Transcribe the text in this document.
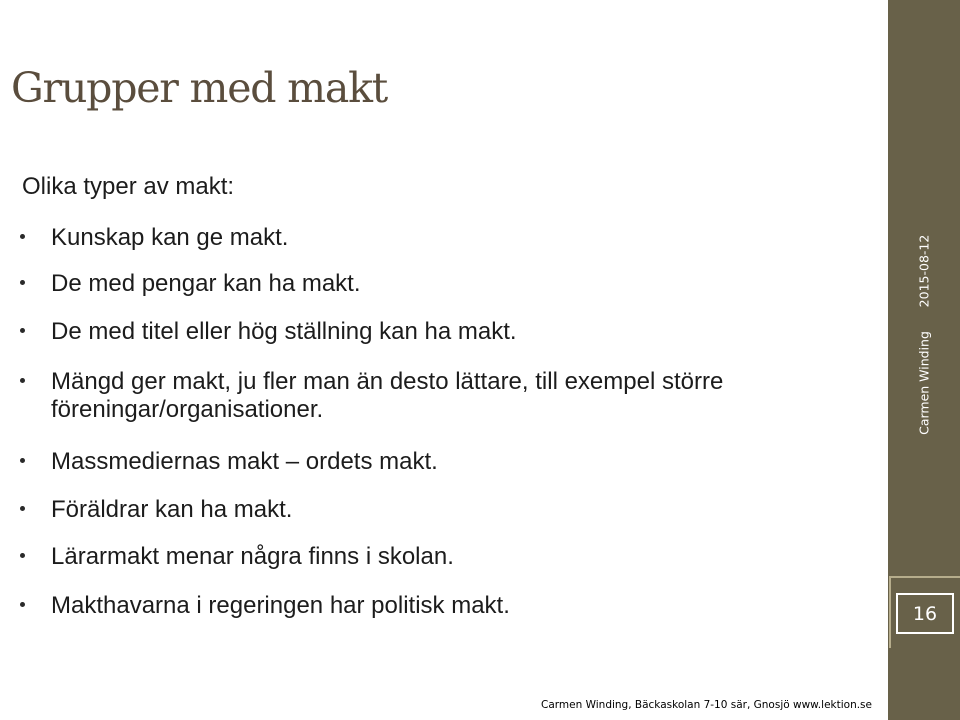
Grupper med makt
Olika typer av makt:
Kunskap kan ge makt.
De med pengar kan ha makt.
De med titel eller hög ställning kan ha makt.
Mängd ger makt, ju fler man än desto lättare, till exempel större föreningar/organisationer.
Massmediernas makt – ordets makt.
Föräldrar kan ha makt.
Lärarmakt menar några finns i skolan.
Makthavarna i regeringen har politisk makt.
2015-08-12
Carmen Winding
16
Carmen Winding, Bäckaskolan 7-10 sär, Gnosjö www.lektion.se
